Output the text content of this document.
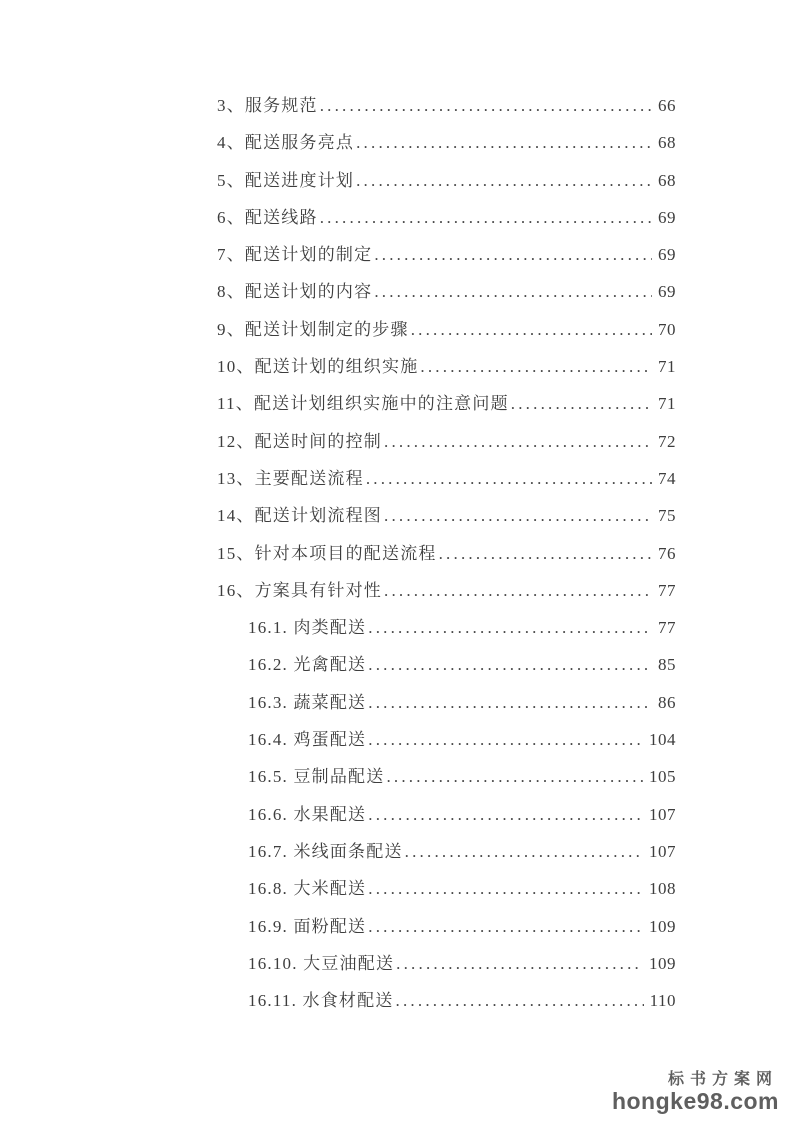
3、服务规范 .....	66
4、配送服务亮点 .....	68
5、配送进度计划 .....	68
6、配送线路 .....	69
7、配送计划的制定 .....	69
8、配送计划的内容 .....	69
9、配送计划制定的步骤 .....	70
10、配送计划的组织实施 .....	71
11、配送计划组织实施中的注意问题 .....	71
12、配送时间的控制 .....	72
13、主要配送流程 .....	74
14、配送计划流程图 .....	75
15、针对本项目的配送流程 .....	76
16、方案具有针对性 .....	77
16.1. 肉类配送 .....	77
16.2. 光禽配送 .....	85
16.3. 蔬菜配送 .....	86
16.4. 鸡蛋配送 .....	104
16.5. 豆制品配送 .....	105
16.6. 水果配送 .....	107
16.7. 米线面条配送 .....	107
16.8. 大米配送 .....	108
16.9. 面粉配送 .....	109
16.10. 大豆油配送 .....	109
16.11. 水食材配送 .....	110
标书方案网
hongke98.com
